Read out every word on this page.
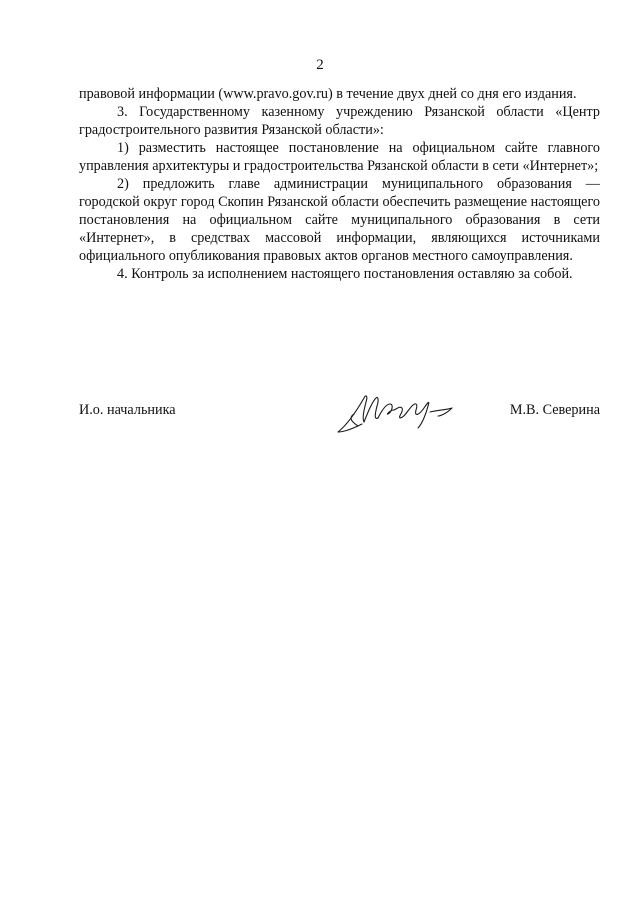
2

правовой информации (www.pravo.gov.ru) в течение двух дней со дня его издания.

3. Государственному казенному учреждению Рязанской области «Центр градостроительного развития Рязанской области»:

1) разместить настоящее постановление на официальном сайте главного управления архитектуры и градостроительства Рязанской области в сети «Интернет»;

2) предложить главе администрации муниципального образования — городской округ город Скопин Рязанской области обеспечить размещение настоящего постановления на официальном сайте муниципального образования в сети «Интернет», в средствах массовой информации, являющихся источниками официального опубликования правовых актов органов местного самоуправления.

4. Контроль за исполнением настоящего постановления оставляю за собой.

И.о. начальника	М.В. Северина
